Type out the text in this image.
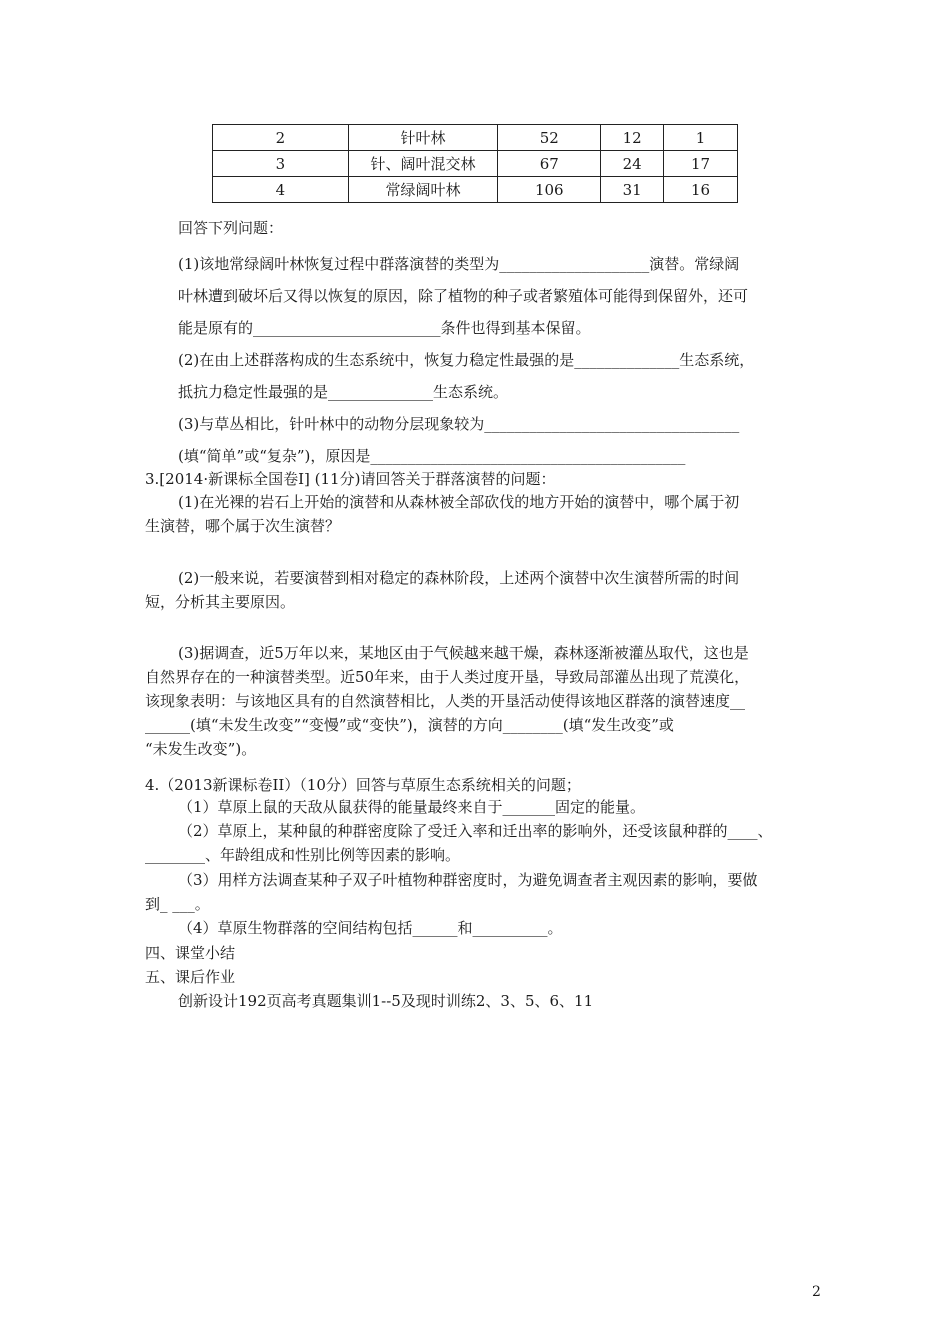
2	针叶林	52	12	1
3	针、阔叶混交林	67	24	17
4	常绿阔叶林	106	31	16
回答下列问题：
(1)该地常绿阔叶林恢复过程中群落演替的类型为____________________演替。常绿阔
叶林遭到破坏后又得以恢复的原因，除了植物的种子或者繁殖体可能得到保留外，还可
能是原有的_________________________条件也得到基本保留。
(2)在由上述群落构成的生态系统中，恢复力稳定性最强的是______________生态系统，
抵抗力稳定性最强的是______________生态系统。
(3)与草丛相比，针叶林中的动物分层现象较为__________________________________
(填“简单”或“复杂”)，原因是__________________________________________
3.[2014·新课标全国卷Ⅰ] (11分)请回答关于群落演替的问题：
(1)在光裸的岩石上开始的演替和从森林被全部砍伐的地方开始的演替中，哪个属于初
生演替，哪个属于次生演替？
(2)一般来说，若要演替到相对稳定的森林阶段，上述两个演替中次生演替所需的时间
短，分析其主要原因。
(3)据调查，近5万年以来，某地区由于气候越来越干燥，森林逐渐被灌丛取代，这也是
自然界存在的一种演替类型。近50年来，由于人类过度开垦，导致局部灌丛出现了荒漠化，
该现象表明：与该地区具有的自然演替相比，人类的开垦活动使得该地区群落的演替速度__
______(填“未发生改变”“变慢”或“变快”)，演替的方向________(填“发生改变”或
“未发生改变”)。
4.（2013新课标卷II）（10分）回答与草原生态系统相关的问题；
（1）草原上鼠的天敌从鼠获得的能量最终来自于_______固定的能量。
（2）草原上，某种鼠的种群密度除了受迁入率和迁出率的影响外，还受该鼠种群的____、
________、年龄组成和性别比例等因素的影响。
（3）用样方法调查某种子双子叶植物种群密度时，为避免调查者主观因素的影响，要做
到_ ___。
（4）草原生物群落的空间结构包括______和__________。
四、课堂小结
五、课后作业
创新设计192页高考真题集训1--5及现时训练2、3、5、6、11
2
